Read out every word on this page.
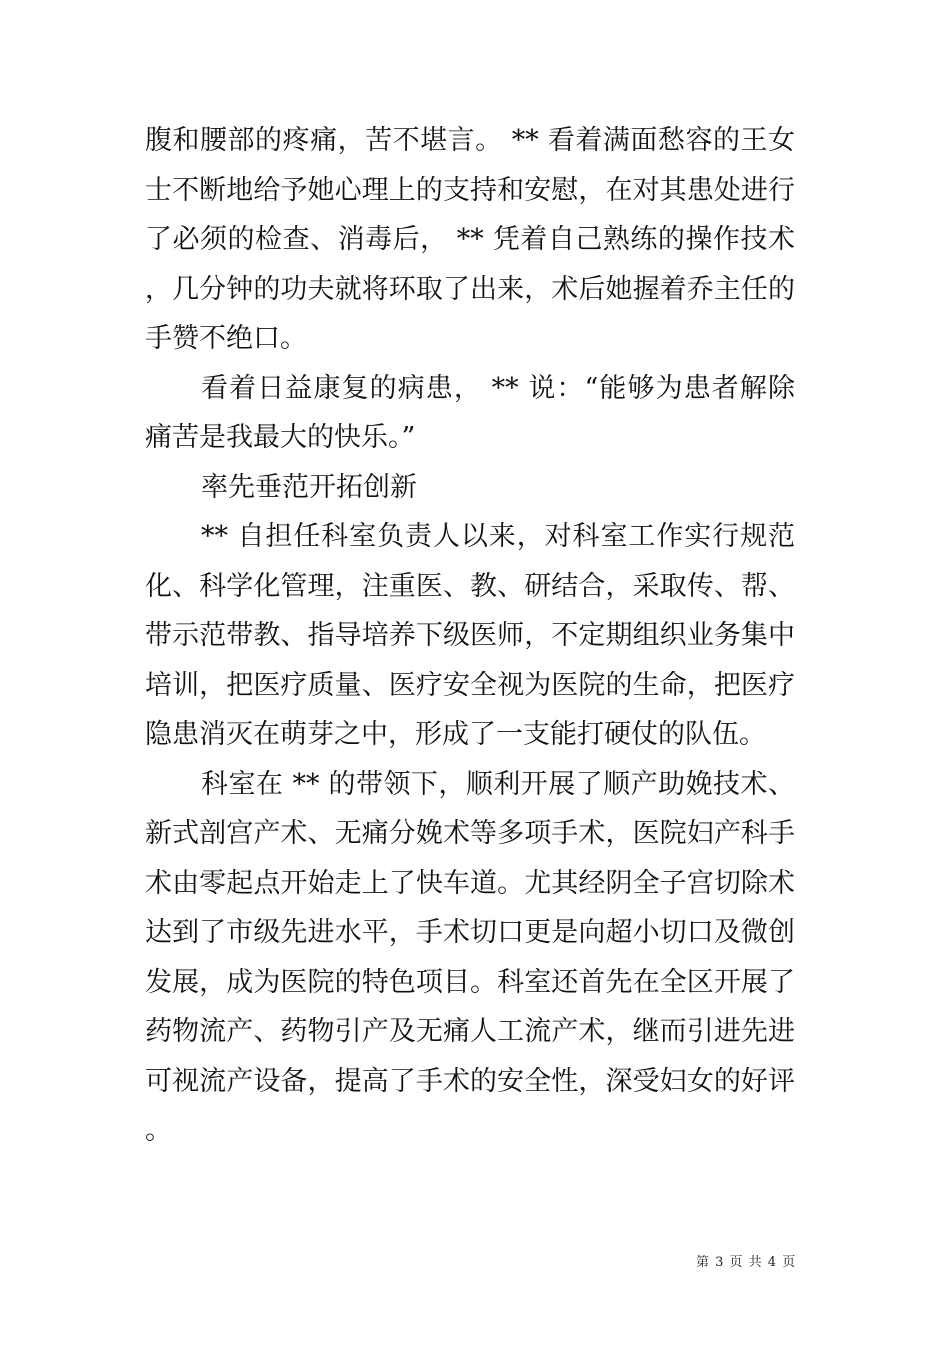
腹和腰部的疼痛，苦不堪言。 ** 看着满面愁容的王女士不断地给予她心理上的支持和安慰，在对其患处进行了必须的检查、消毒后， ** 凭着自己熟练的操作技术，几分钟的功夫就将环取了出来，术后她握着乔主任的手赞不绝口。

看着日益康复的病患， ** 说：“能够为患者解除痛苦是我最大的快乐。”

率先垂范开拓创新

** 自担任科室负责人以来，对科室工作实行规范化、科学化管理，注重医、教、研结合，采取传、帮、带示范带教、指导培养下级医师，不定期组织业务集中培训，把医疗质量、医疗安全视为医院的生命，把医疗隐患消灭在萌芽之中，形成了一支能打硬仗的队伍。

科室在 ** 的带领下，顺利开展了顺产助娩技术、新式剖宫产术、无痛分娩术等多项手术，医院妇产科手术由零起点开始走上了快车道。尤其经阴全子宫切除术达到了市级先进水平，手术切口更是向超小切口及微创发展，成为医院的特色项目。科室还首先在全区开展了药物流产、药物引产及无痛人工流产术，继而引进先进可视流产设备，提高了手术的安全性，深受妇女的好评。

第 3 页 共 4 页
